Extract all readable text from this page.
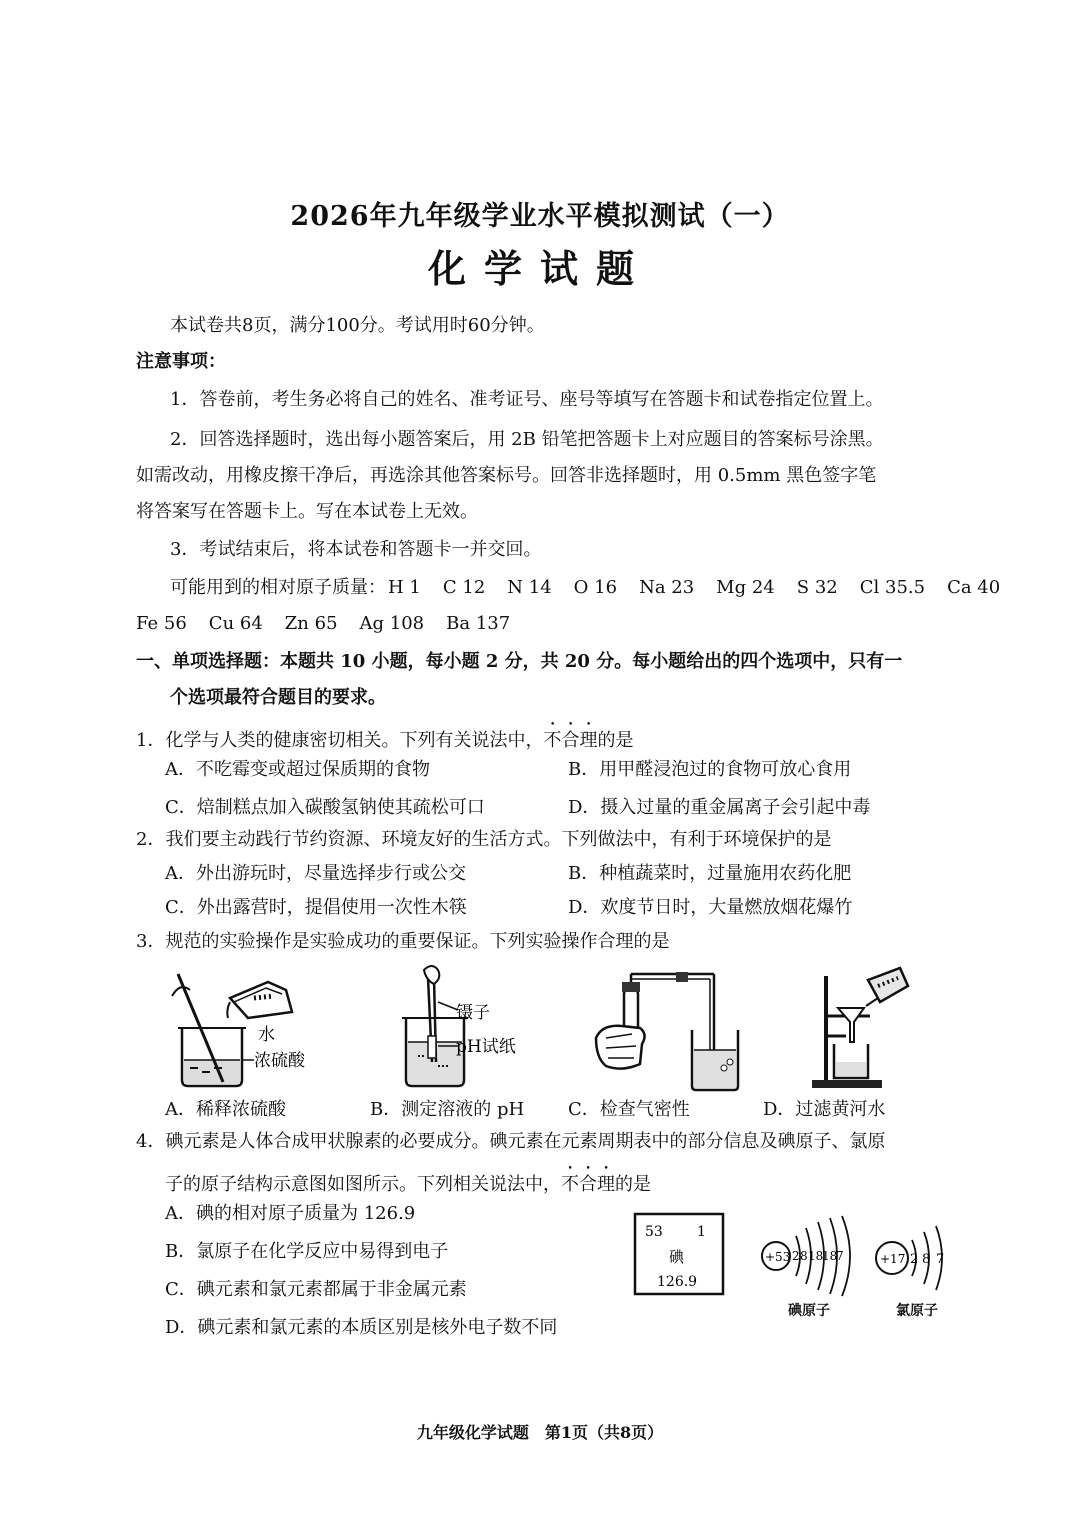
2026年九年级学业水平模拟测试（一）
化学试题
本试卷共8页，满分100分。考试用时60分钟。
注意事项：
1．答卷前，考生务必将自己的姓名、准考证号、座号等填写在答题卡和试卷指定位置上。
2．回答选择题时，选出每小题答案后，用 2B 铅笔把答题卡上对应题目的答案标号涂黑。
如需改动，用橡皮擦干净后，再选涂其他答案标号。回答非选择题时，用 0.5mm 黑色签字笔
将答案写在答题卡上。写在本试卷上无效。
3．考试结束后，将本试卷和答题卡一并交回。
可能用到的相对原子质量： H 1 C 12 N 14 O 16 Na 23 Mg 24 S 32 Cl 35.5 Ca 40
Fe 56 Cu 64 Zn 65 Ag 108 Ba 137
一、单项选择题：本题共 10 小题，每小题 2 分，共 20 分。每小题给出的四个选项中，只有一
个选项最符合题目的要求。
1．化学与人类的健康密切相关。下列有关说法中，不合理的是
A．不吃霉变或超过保质期的食物	B．用甲醛浸泡过的食物可放心食用
C．焙制糕点加入碳酸氢钠使其疏松可口	D．摄入过量的重金属离子会引起中毒
2．我们要主动践行节约资源、环境友好的生活方式。下列做法中，有利于环境保护的是
A．外出游玩时，尽量选择步行或公交	B．种植蔬菜时，过量施用农药化肥
C．外出露营时，提倡使用一次性木筷	D．欢度节日时，大量燃放烟花爆竹
3．规范的实验操作是实验成功的重要保证。下列实验操作合理的是
水
浓硫酸
镊子
pH试纸
A．稀释浓硫酸	B．测定溶液的 pH C．检查气密性	D．过滤黄河水
4．碘元素是人体合成甲状腺素的必要成分。碘元素在元素周期表中的部分信息及碘原子、氯原
子的原子结构示意图如图所示。下列相关说法中，不合理的是
A．碘的相对原子质量为 126.9
B．氯原子在化学反应中易得到电子
C．碘元素和氯元素都属于非金属元素
D．碘元素和氯元素的本质区别是核外电子数不同
53 1
碘
126.9
+53 2 8 18
18
7
碘原子
+17 2 8 7
氯原子
九年级化学试题　第1页（共8页）
